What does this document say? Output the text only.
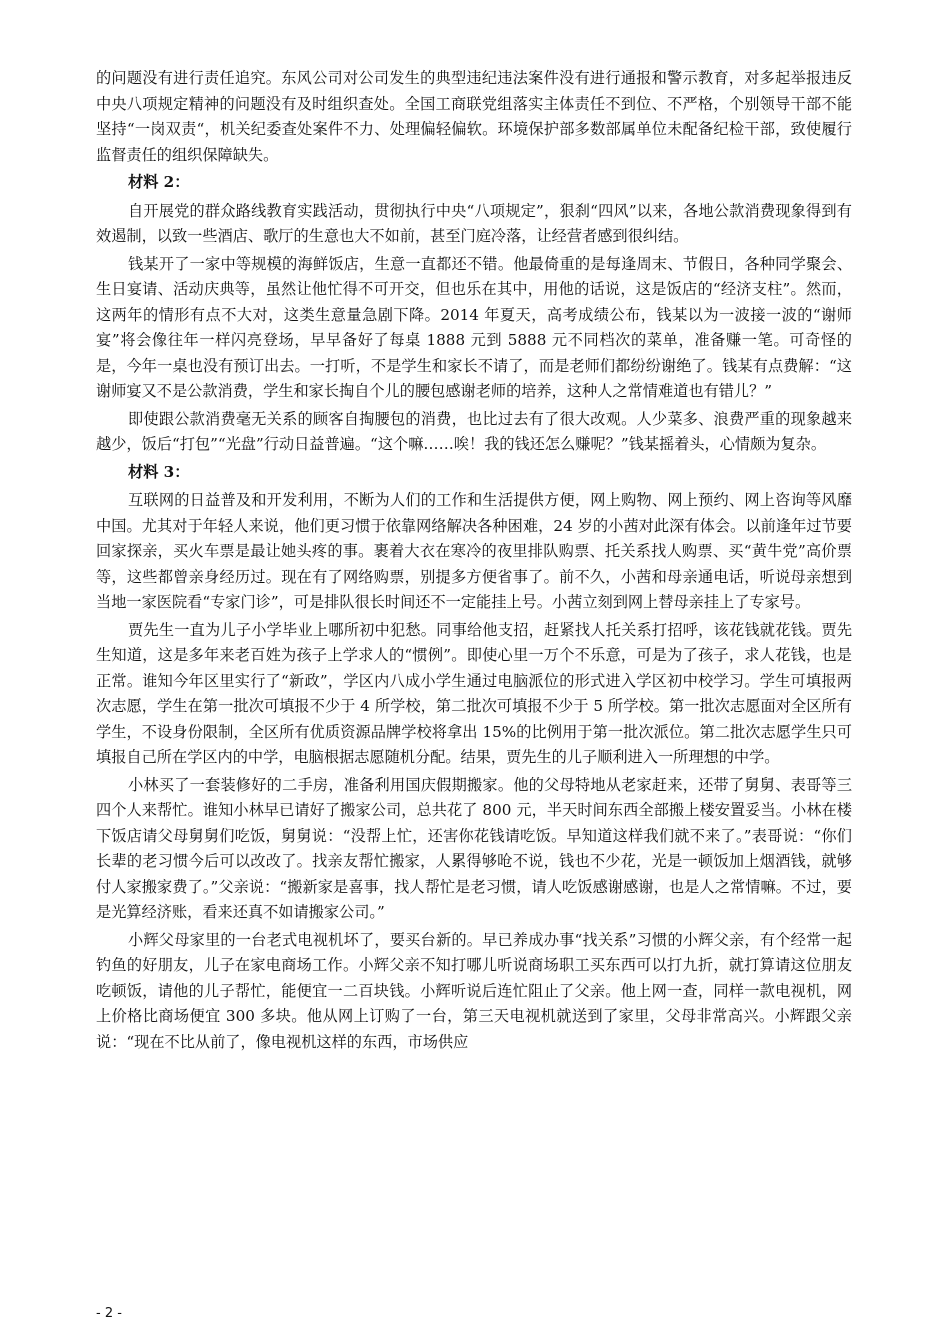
的问题没有进行责任追究。东风公司对公司发生的典型违纪违法案件没有进行通报和警示教育，对多起举报违反中央八项规定精神的问题没有及时组织查处。全国工商联党组落实主体责任不到位、不严格，个别领导干部不能坚持“一岗双责“，机关纪委查处案件不力、处理偏轻偏软。环境保护部多数部属单位未配备纪检干部，致使履行监督责任的组织保障缺失。

材料 2：

自开展党的群众路线教育实践活动，贯彻执行中央“八项规定”，狠刹“四风”以来，各地公款消费现象得到有效遏制，以致一些酒店、歌厅的生意也大不如前，甚至门庭冷落，让经营者感到很纠结。

钱某开了一家中等规模的海鲜饭店，生意一直都还不错。他最倚重的是每逢周末、节假日，各种同学聚会、生日宴请、活动庆典等，虽然让他忙得不可开交，但也乐在其中，用他的话说，这是饭店的“经济支柱”。然而，这两年的情形有点不大对，这类生意量急剧下降。2014 年夏天，高考成绩公布，钱某以为一波接一波的“谢师宴”将会像往年一样闪亮登场，早早备好了每桌 1888 元到 5888 元不同档次的菜单，准备赚一笔。可奇怪的是，今年一桌也没有预订出去。一打听，不是学生和家长不请了，而是老师们都纷纷谢绝了。钱某有点费解：“这谢师宴又不是公款消费，学生和家长掏自个儿的腰包感谢老师的培养，这种人之常情难道也有错儿？”

即使跟公款消费毫无关系的顾客自掏腰包的消费，也比过去有了很大改观。人少菜多、浪费严重的现象越来越少，饭后“打包”“光盘”行动日益普遍。“这个嘛……唉！我的钱还怎么赚呢？”钱某摇着头，心情颇为复杂。

材料 3：

互联网的日益普及和开发利用，不断为人们的工作和生活提供方便，网上购物、网上预约、网上咨询等风靡中国。尤其对于年轻人来说，他们更习惯于依靠网络解决各种困难，24 岁的小茜对此深有体会。以前逢年过节要回家探亲，买火车票是最让她头疼的事。裹着大衣在寒冷的夜里排队购票、托关系找人购票、买“黄牛党”高价票等，这些都曾亲身经历过。现在有了网络购票，别提多方便省事了。前不久，小茜和母亲通电话，听说母亲想到当地一家医院看“专家门诊”，可是排队很长时间还不一定能挂上号。小茜立刻到网上替母亲挂上了专家号。

贾先生一直为儿子小学毕业上哪所初中犯愁。同事给他支招，赶紧找人托关系打招呼，该花钱就花钱。贾先生知道，这是多年来老百姓为孩子上学求人的“惯例”。即使心里一万个不乐意，可是为了孩子，求人花钱，也是正常。谁知今年区里实行了“新政”，学区内八成小学生通过电脑派位的形式进入学区初中校学习。学生可填报两次志愿，学生在第一批次可填报不少于 4 所学校，第二批次可填报不少于 5 所学校。第一批次志愿面对全区所有学生，不设身份限制，全区所有优质资源品牌学校将拿出 15%的比例用于第一批次派位。第二批次志愿学生只可填报自己所在学区内的中学，电脑根据志愿随机分配。结果，贾先生的儿子顺利进入一所理想的中学。

小林买了一套装修好的二手房，准备利用国庆假期搬家。他的父母特地从老家赶来，还带了舅舅、表哥等三四个人来帮忙。谁知小林早已请好了搬家公司，总共花了 800 元，半天时间东西全部搬上楼安置妥当。小林在楼下饭店请父母舅舅们吃饭，舅舅说：“没帮上忙，还害你花钱请吃饭。早知道这样我们就不来了。”表哥说：“你们长辈的老习惯今后可以改改了。找亲友帮忙搬家，人累得够呛不说，钱也不少花，光是一顿饭加上烟酒钱，就够付人家搬家费了。”父亲说：“搬新家是喜事，找人帮忙是老习惯，请人吃饭感谢感谢，也是人之常情嘛。不过，要是光算经济账，看来还真不如请搬家公司。”

小辉父母家里的一台老式电视机坏了，要买台新的。早已养成办事“找关系”习惯的小辉父亲，有个经常一起钓鱼的好朋友，儿子在家电商场工作。小辉父亲不知打哪儿听说商场职工买东西可以打九折，就打算请这位朋友吃顿饭，请他的儿子帮忙，能便宜一二百块钱。小辉听说后连忙阻止了父亲。他上网一查，同样一款电视机，网上价格比商场便宜 300 多块。他从网上订购了一台，第三天电视机就送到了家里，父母非常高兴。小辉跟父亲说：“现在不比从前了，像电视机这样的东西，市场供应

- 2 -
